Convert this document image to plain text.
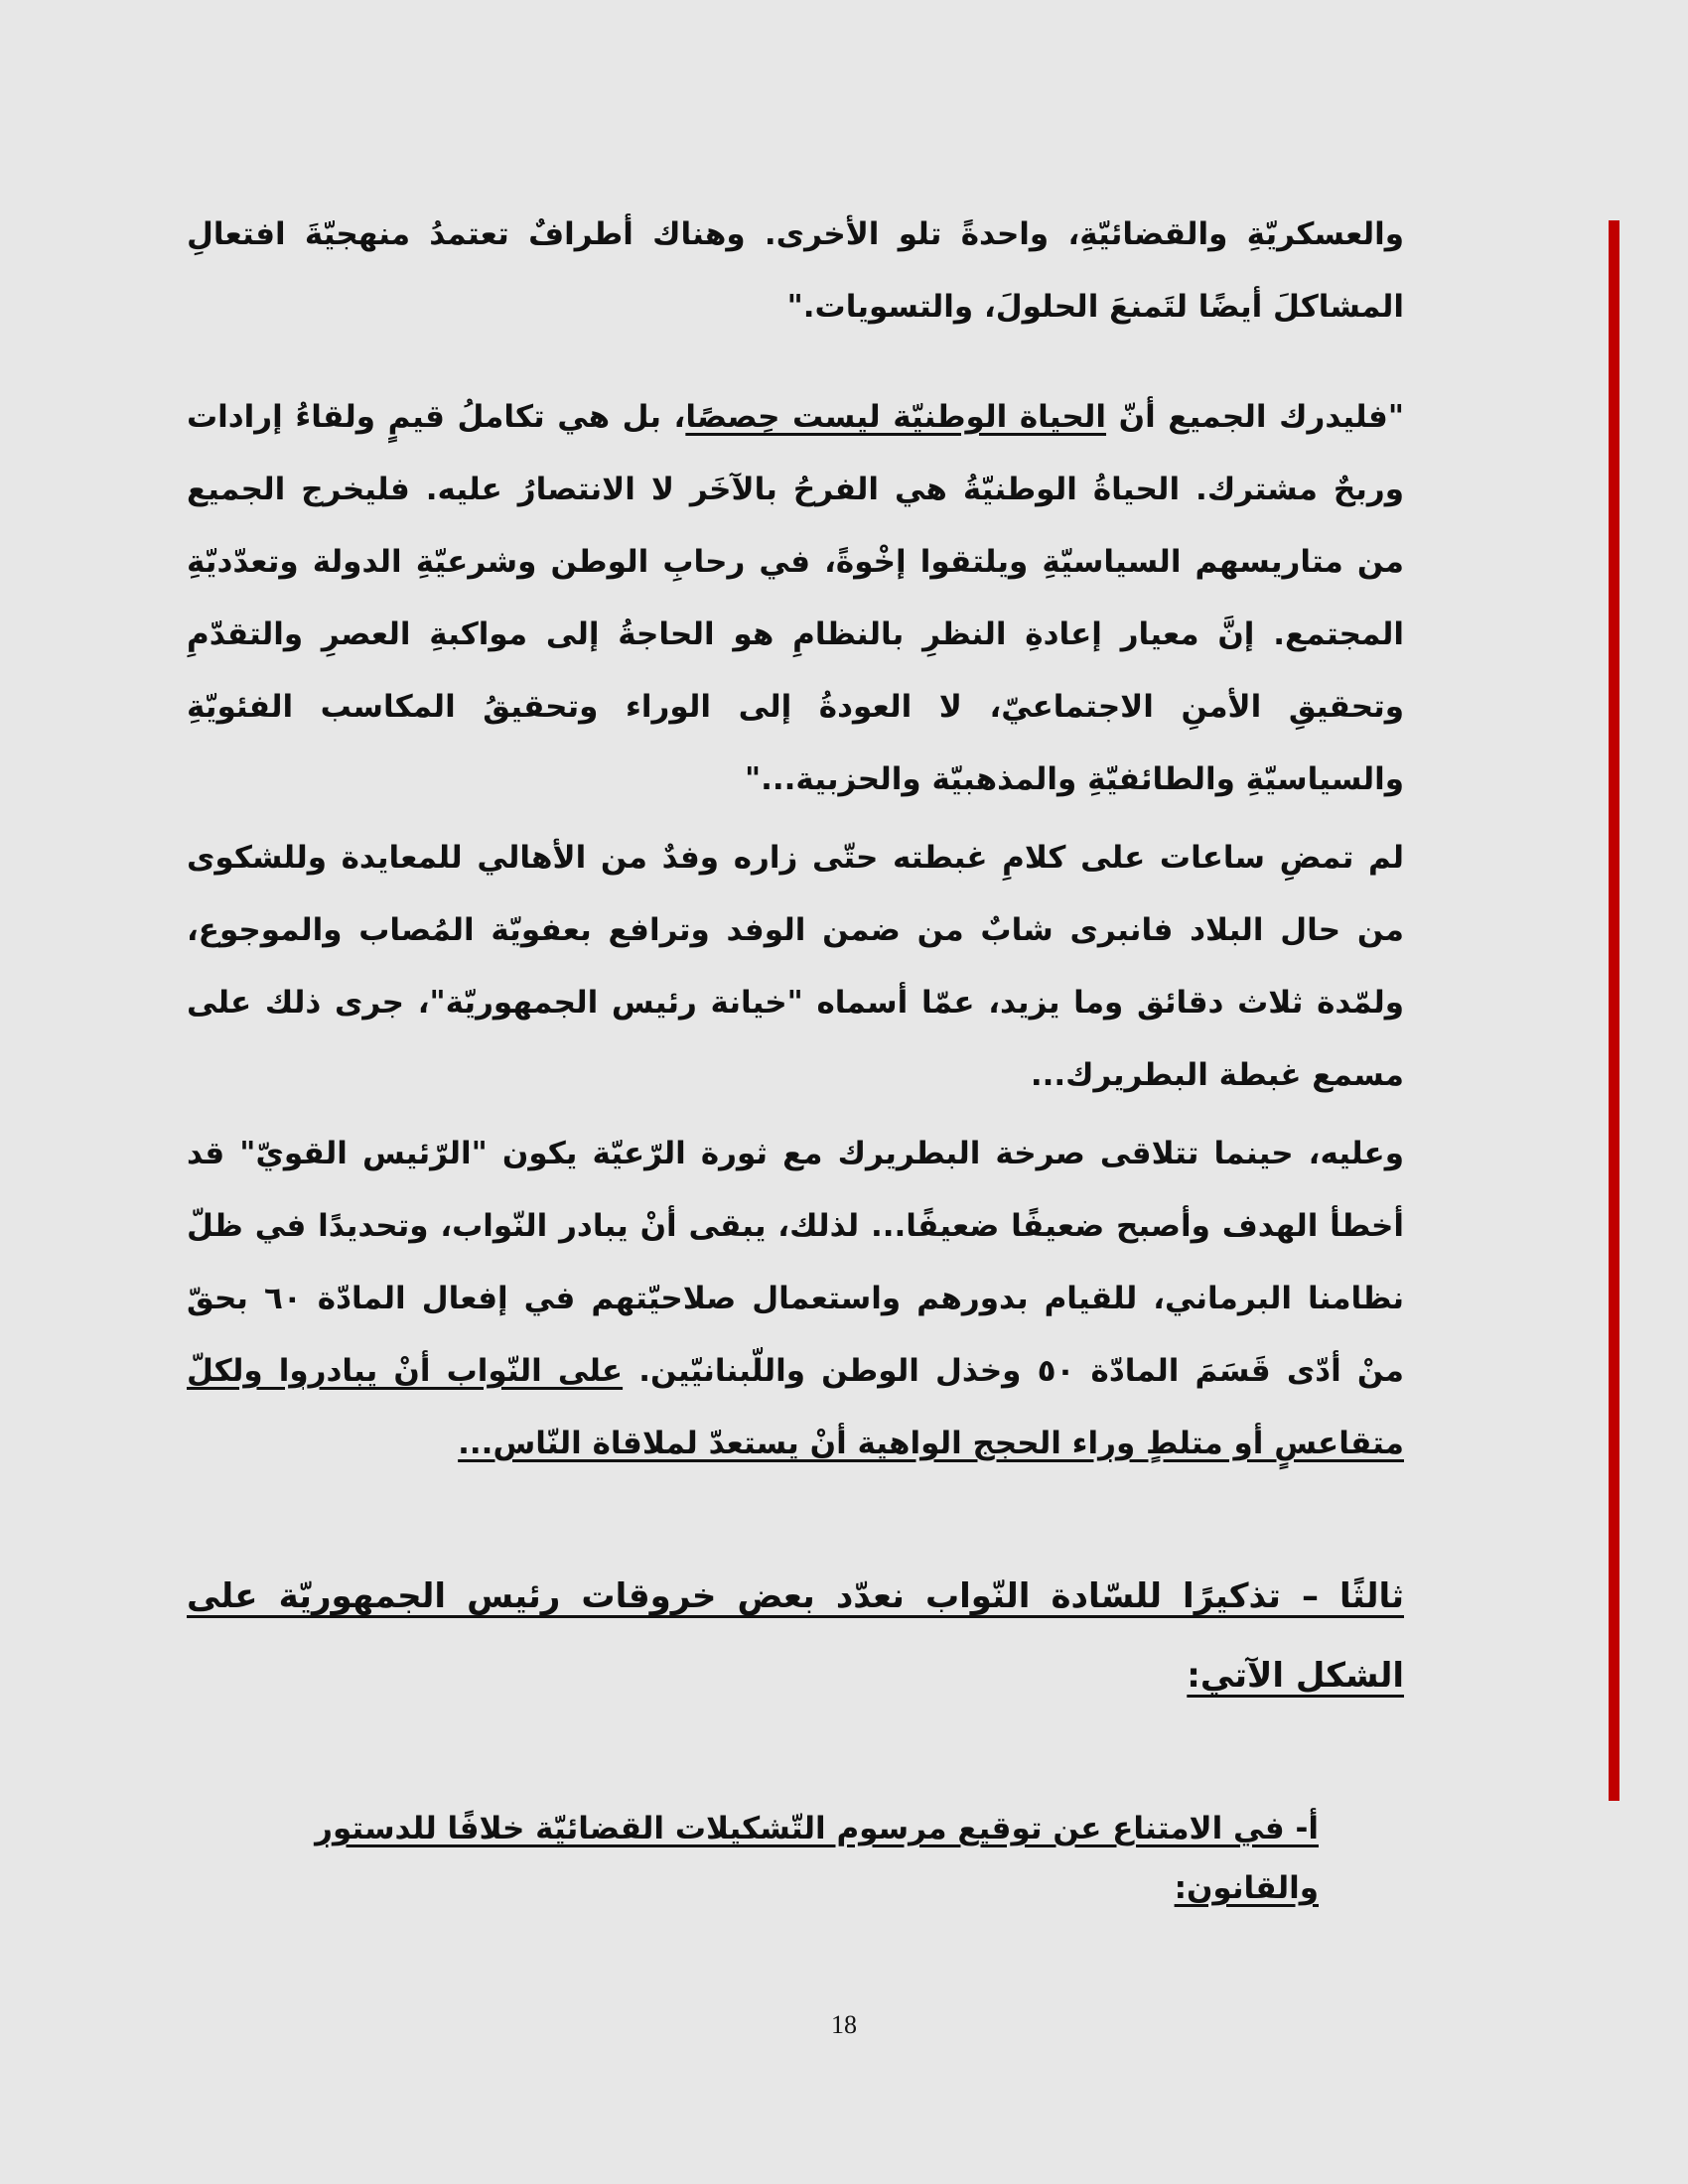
والعسكريّةِ والقضائيّةِ، واحدةً تلو الأخرى. وهناك أطرافٌ تعتمدُ منهجيّةَ افتعالِ المشاكلَ أيضًا لتَمنعَ الحلولَ، والتسويات."

"فليدرك الجميع أنّ الحياة الوطنيّة ليست حِصصًا، بل هي تكاملُ قيمٍ ولقاءُ إرادات وربحٌ مشترك. الحياةُ الوطنيّةُ هي الفرحُ بالآخَر لا الانتصارُ عليه. فليخرج الجميع من متاريسهم السياسيّةِ ويلتقوا إخْوةً، في رحابِ الوطن وشرعيّةِ الدولة وتعدّديّةِ المجتمع. إنَّ معيار إعادةِ النظرِ بالنظامِ هو الحاجةُ إلى مواكبةِ العصرِ والتقدّمِ وتحقيقِ الأمنِ الاجتماعيّ، لا العودةُ إلى الوراء وتحقيقُ المكاسب الفئويّةِ والسياسيّةِ والطائفيّةِ والمذهبيّة والحزبية..."

لم تمضِ ساعات على كلامِ غبطته حتّى زاره وفدٌ من الأهالي للمعايدة وللشكوى من حال البلاد فانبرى شابٌ من ضمن الوفد وترافع بعفويّة المُصاب والموجوع، ولمّدة ثلاث دقائق وما يزيد، عمّا أسماه "خيانة رئيس الجمهوريّة"، جرى ذلك على مسمع غبطة البطريرك...

وعليه، حينما تتلاقى صرخة البطريرك مع ثورة الرّعيّة يكون "الرّئيس القويّ" قد أخطأ الهدف وأصبح ضعيفًا ضعيفًا... لذلك، يبقى أنْ يبادر النّواب، وتحديدًا في ظلّ نظامنا البرماني، للقيام بدورهم واستعمال صلاحيّتهم في إفعال المادّة ٦٠ بحقّ منْ أدّى قَسَمَ المادّة ٥٠ وخذل الوطن واللّبنانيّين. على النّواب أنْ يبادروا ولكلّ متقاعسٍ أو متلطٍ وراء الحجج الواهية أنْ يستعدّ لملاقاة النّاس...

ثالثًا – تذكيرًا للسّادة النّواب نعدّد بعض خروقات رئيس الجمهوريّة على الشكل الآتي:

أ- في الامتناع عن توقيع مرسوم التّشكيلات القضائيّة خلافًا للدستور والقانون:
18
